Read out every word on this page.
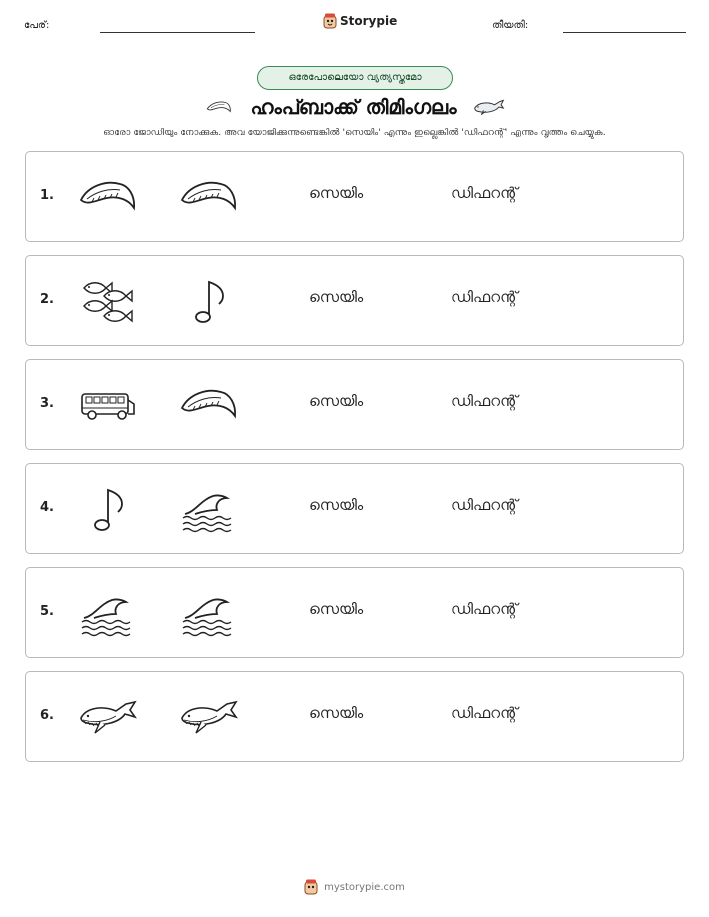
പേര്:	Storypie	തീയതി:
ഒരേപോലെയോ വ്യത്യസ്തമോ
ഹംപ്ബാക്ക് തിമിംഗലം
ഓരോ ജോഡിയും നോക്കുക. അവ യോജിക്കുന്നുണ്ടെങ്കിൽ 'സെയിം' എന്നും ഇല്ലെങ്കിൽ 'ഡിഫറന്റ്' എന്നും വൃത്തം ചെയ്യുക.
1.	സെയിം	ഡിഫറന്റ്
2.	സെയിം	ഡിഫറന്റ്
3.	സെയിം	ഡിഫറന്റ്
4.	സെയിം	ഡിഫറന്റ്
5.	സെയിം	ഡിഫറന്റ്
6.	സെയിം	ഡിഫറന്റ്
mystorypie.com
